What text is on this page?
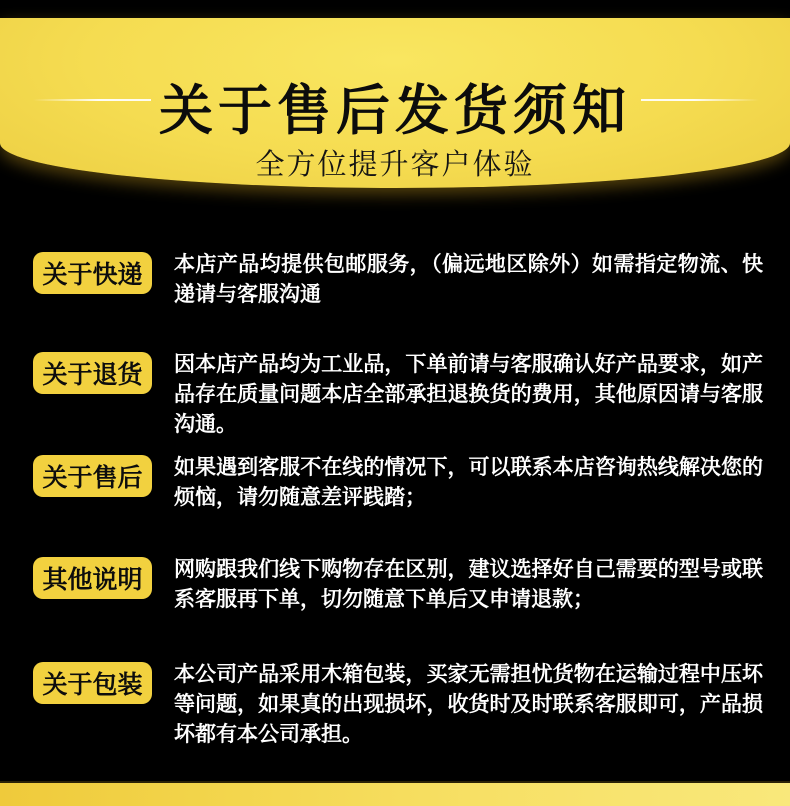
关于售后发货须知
全方位提升客户体验
关于快递	本店产品均提供包邮服务，（偏远地区除外）如需指定物流、快递请与客服沟通
关于退货	因本店产品均为工业品，下单前请与客服确认好产品要求，如产品存在质量问题本店全部承担退换货的费用，其他原因请与客服沟通。
关于售后	如果遇到客服不在线的情况下，可以联系本店咨询热线解决您的烦恼，请勿随意差评践踏；
其他说明	网购跟我们线下购物存在区别，建议选择好自己需要的型号或联系客服再下单，切勿随意下单后又申请退款；
关于包装	本公司产品采用木箱包装，买家无需担忧货物在运输过程中压坏等问题，如果真的出现损坏，收货时及时联系客服即可，产品损坏都有本公司承担。
